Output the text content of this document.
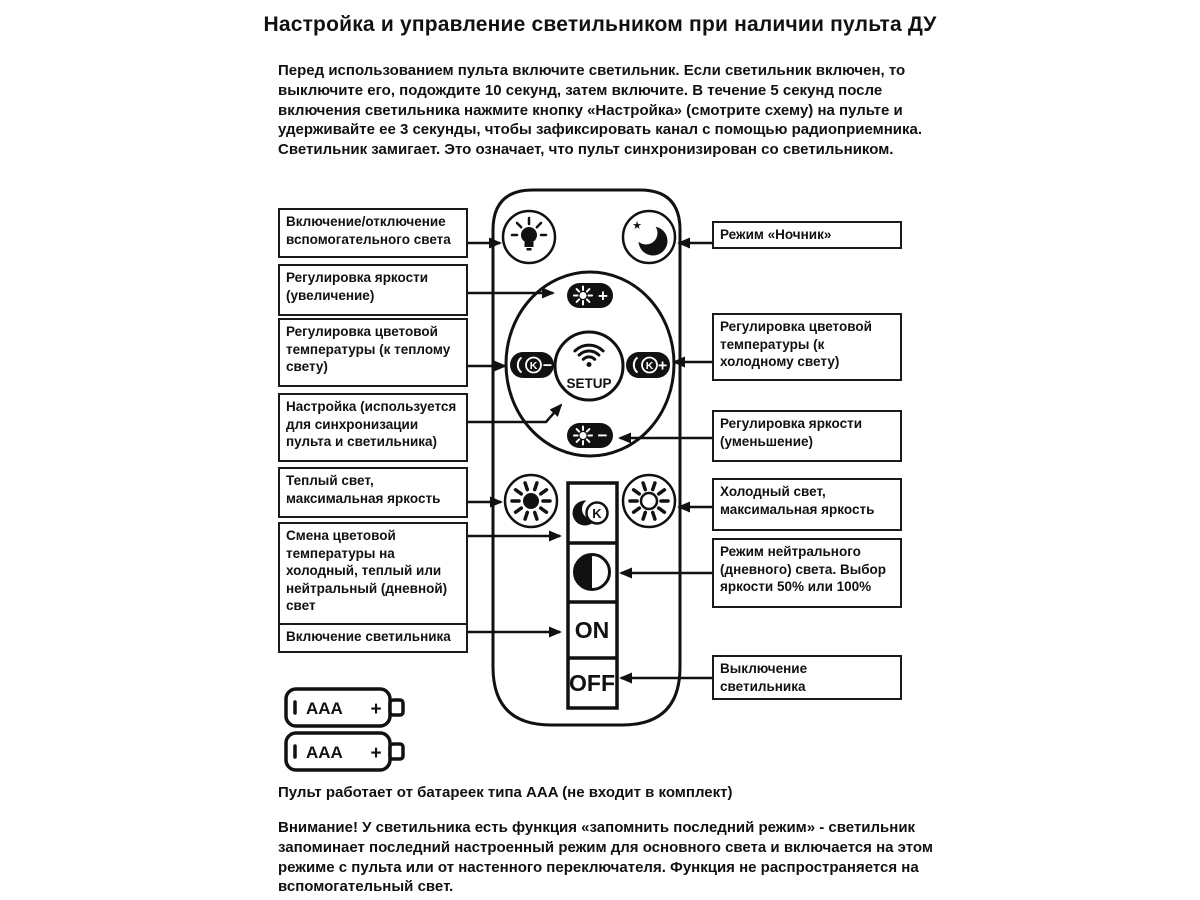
Настройка и управление светильником при наличии пульта ДУ
Перед использованием пульта включите светильник. Если светильник включен, то выключите его, подождите 10 секунд, затем включите. В течение 5 секунд после включения светильника нажмите кнопку «Настройка» (смотрите схему) на пульте и удерживайте ее 3 секунды, чтобы зафиксировать канал с помощью радиоприемника. Светильник замигает. Это означает, что пульт синхронизирован со светильником.
Включение/отключение вспомогательного света
Регулировка яркости (увеличение)
Регулировка цветовой температуры (к теплому свету)
Настройка (используется для синхронизации пульта и светильника)
Теплый свет, максимальная яркость
Смена цветовой температуры на холодный, теплый или нейтральный (дневной) свет
Включение светильника
Режим «Ночник»
Регулировка цветовой температуры (к холодному свету)
Регулировка яркости (уменьшение)
Холодный свет, максимальная яркость
Режим нейтрального (дневного) света. Выбор яркости 50% или 100%
Выключение светильника
Пульт работает от батареек типа AAA (не входит в комплект)
Внимание! У светильника есть функция «запомнить последний режим» - светильник запоминает последний настроенный режим для основного света и включается на этом режиме с пульта или от настенного переключателя. Функция не распространяется на вспомогательный свет.
★
+
K −
SETUP
K +
−
K
ON
OFF
AAA +
AAA +
